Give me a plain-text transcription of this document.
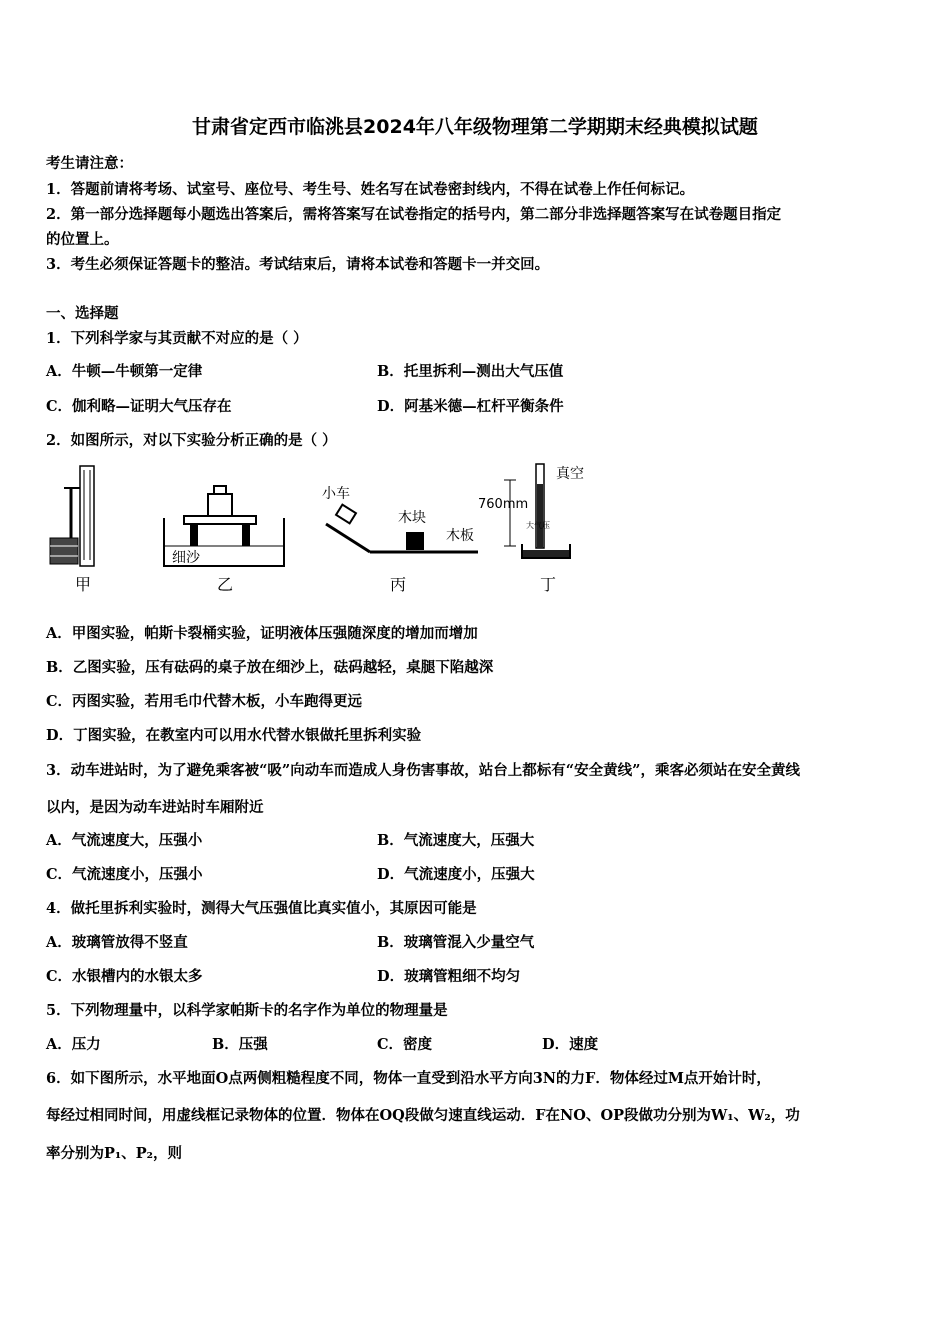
甘肃省定西市临洮县2024年八年级物理第二学期期末经典模拟试题
考生请注意：
1．答题前请将考场、试室号、座位号、考生号、姓名写在试卷密封线内，不得在试卷上作任何标记。
2．第一部分选择题每小题选出答案后，需将答案写在试卷指定的括号内，第二部分非选择题答案写在试卷题目指定
的位置上。
3．考生必须保证答题卡的整洁。考试结束后，请将本试卷和答题卡一并交回。
一、选择题
1．下列科学家与其贡献不对应的是（ ）
A．牛顿—牛顿第一定律	B．托里拆利—测出大气压值
C．伽利略—证明大气压存在	D．阿基米德—杠杆平衡条件
2．如图所示，对以下实验分析正确的是（ ）
甲
细沙
乙
小车
木块
木板
丙
真空
760mm
大气压
丁
A．甲图实验，帕斯卡裂桶实验，证明液体压强随深度的增加而增加
B．乙图实验，压有砝码的桌子放在细沙上，砝码越轻，桌腿下陷越深
C．丙图实验，若用毛巾代替木板，小车跑得更远
D．丁图实验，在教室内可以用水代替水银做托里拆利实验
3．动车进站时，为了避免乘客被“吸”向动车而造成人身伤害事故，站台上都标有“安全黄线”，乘客必须站在安全黄线
以内，是因为动车进站时车厢附近
A．气流速度大，压强小	B．气流速度大，压强大
C．气流速度小，压强小	D．气流速度小，压强大
4．做托里拆利实验时，测得大气压强值比真实值小，其原因可能是
A．玻璃管放得不竖直	B．玻璃管混入少量空气
C．水银槽内的水银太多	D．玻璃管粗细不均匀
5．下列物理量中，以科学家帕斯卡的名字作为单位的物理量是
A．压力	B．压强	C．密度	D．速度
6．如下图所示，水平地面O点两侧粗糙程度不同，物体一直受到沿水平方向3N的力F．物体经过M点开始计时，
每经过相同时间，用虚线框记录物体的位置．物体在OQ段做匀速直线运动．F在NO、OP段做功分别为W₁、W₂，功
率分别为P₁、P₂，则
